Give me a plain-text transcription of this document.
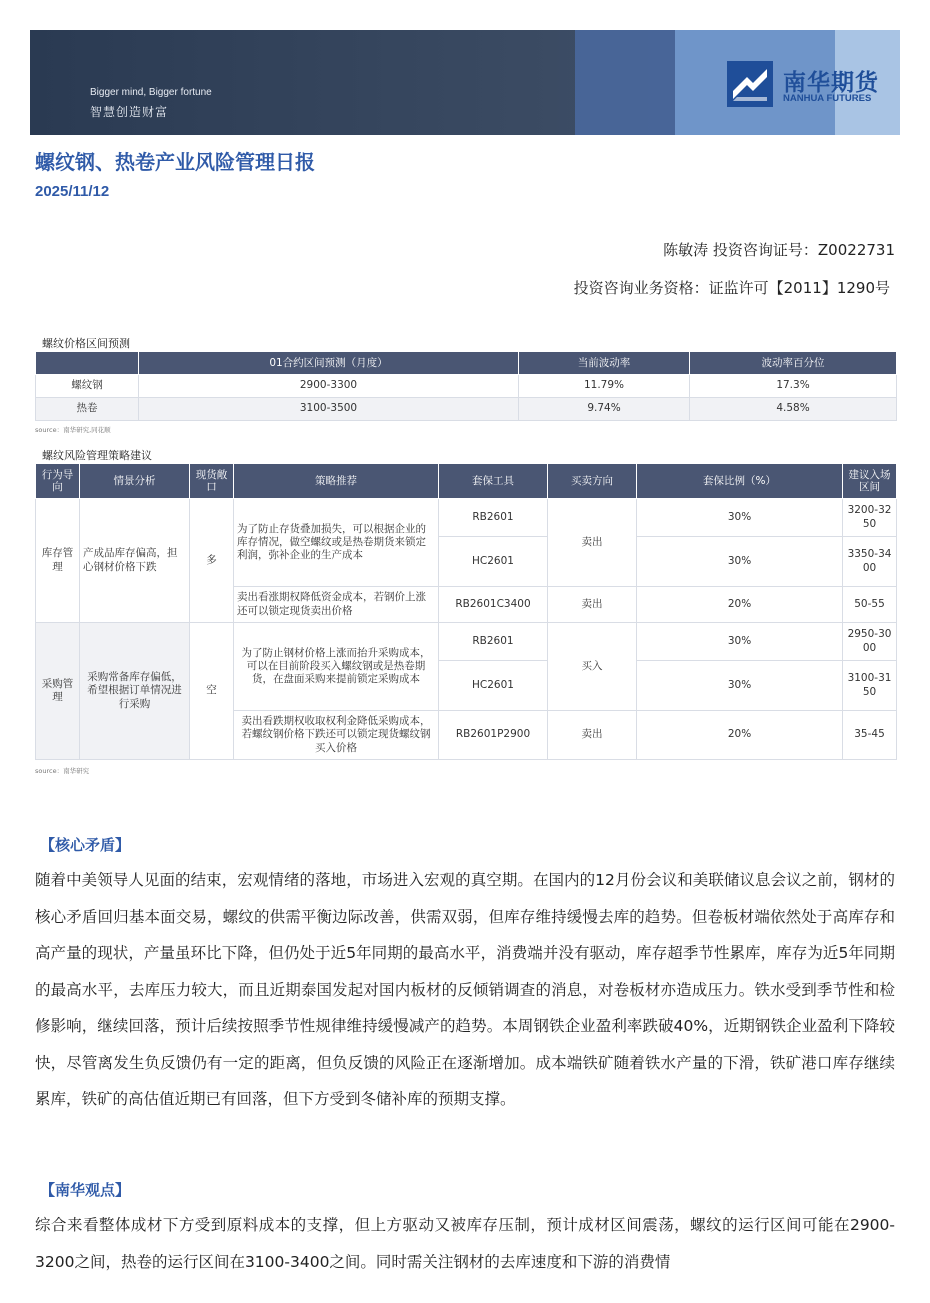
Bigger mind, Bigger fortune
智慧创造财富
南华期货
NANHUA FUTURES
螺纹钢、热卷产业风险管理日报
2025/11/12
陈敏涛 投资咨询证号：Z0022731
投资咨询业务资格：证监许可【2011】1290号
螺纹价格区间预测
	01合约区间预测（月度）	当前波动率	波动率百分位
螺纹钢	2900-3300	11.79%	17.3%
热卷	3100-3500	9.74%	4.58%
source：南华研究,同花顺
螺纹风险管理策略建议
行为导向	情景分析	现货敞口	策略推荐	套保工具	买卖方向	套保比例（%）	建议入场区间
库存管理	产成品库存偏高，担心钢材价格下跌	多	为了防止存货叠加损失，可以根据企业的库存情况，做空螺纹或是热卷期货来锁定利润，弥补企业的生产成本	RB2601	卖出	30%	3200-3250
				HC2601		30%	3350-3400
			卖出看涨期权降低资金成本，若钢价上涨还可以锁定现货卖出价格	RB2601C3400	卖出	20%	50-55
采购管理	采购常备库存偏低，希望根据订单情况进行采购	空	为了防止钢材价格上涨而抬升采购成本，可以在目前阶段买入螺纹钢或是热卷期货，在盘面采购来提前锁定采购成本	RB2601	买入	30%	2950-3000
				HC2601		30%	3100-3150
			卖出看跌期权收取权利金降低采购成本，若螺纹钢价格下跌还可以锁定现货螺纹钢买入价格	RB2601P2900	卖出	20%	35-45
source：南华研究
【核心矛盾】
随着中美领导人见面的结束，宏观情绪的落地，市场进入宏观的真空期。在国内的12月份会议和美联储议息会议之前，钢材的核心矛盾回归基本面交易，螺纹的供需平衡边际改善，供需双弱，但库存维持缓慢去库的趋势。但卷板材端依然处于高库存和高产量的现状，产量虽环比下降，但仍处于近5年同期的最高水平，消费端并没有驱动，库存超季节性累库，库存为近5年同期的最高水平，去库压力较大，而且近期泰国发起对国内板材的反倾销调查的消息，对卷板材亦造成压力。铁水受到季节性和检修影响，继续回落，预计后续按照季节性规律维持缓慢减产的趋势。本周钢铁企业盈利率跌破40%，近期钢铁企业盈利下降较快，尽管离发生负反馈仍有一定的距离，但负反馈的风险正在逐渐增加。成本端铁矿随着铁水产量的下滑，铁矿港口库存继续累库，铁矿的高估值近期已有回落，但下方受到冬储补库的预期支撑。
【南华观点】
综合来看整体成材下方受到原料成本的支撑，但上方驱动又被库存压制，预计成材区间震荡，螺纹的运行区间可能在2900-3200之间，热卷的运行区间在3100-3400之间。同时需关注钢材的去库速度和下游的消费情
